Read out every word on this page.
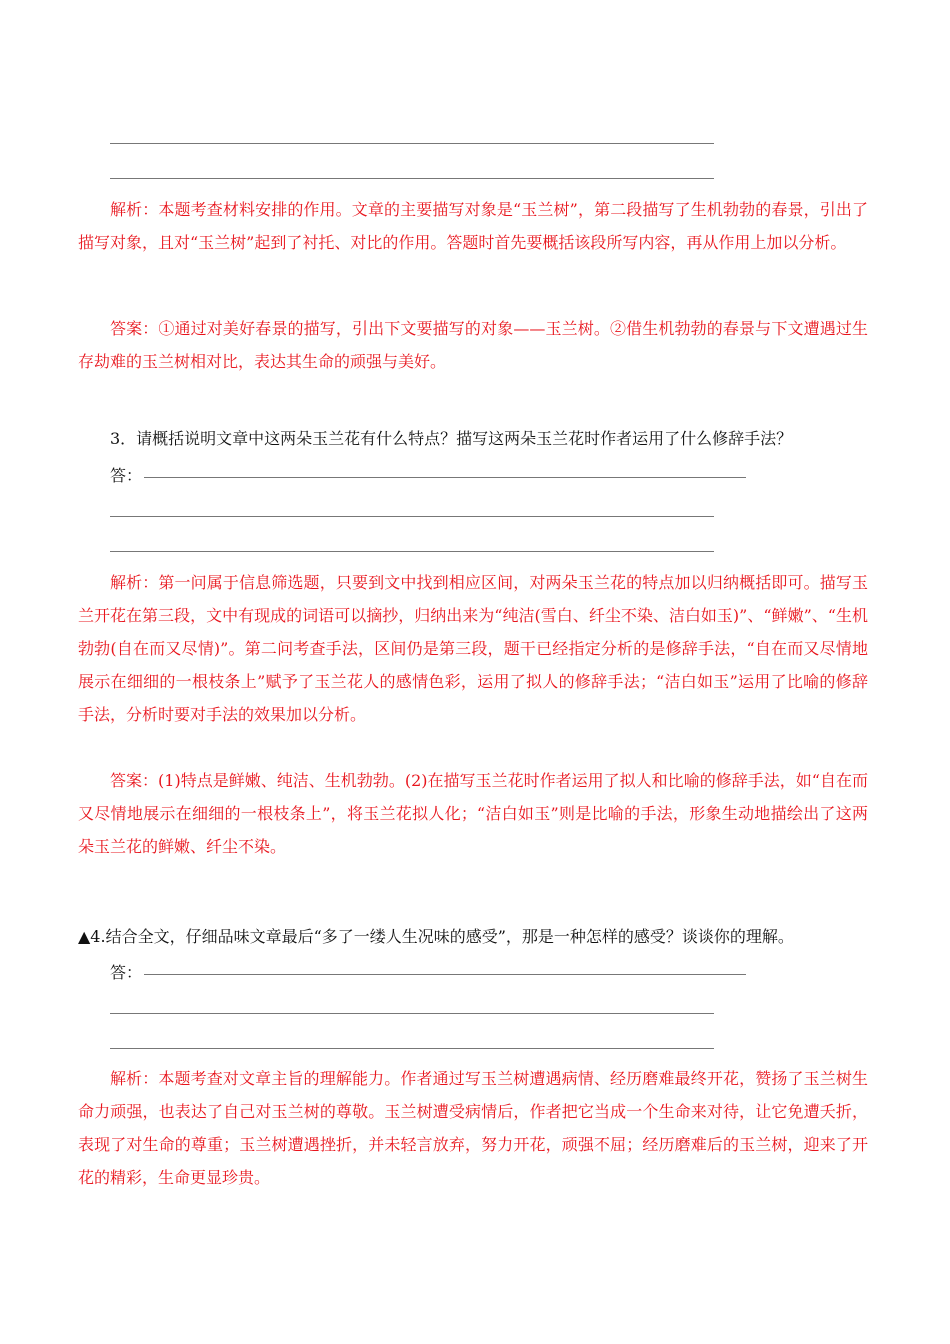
解析：本题考查材料安排的作用。文章的主要描写对象是“玉兰树”，第二段描写了生机勃勃的春景，引出了描写对象，且对“玉兰树”起到了衬托、对比的作用。答题时首先要概括该段所写内容，再从作用上加以分析。

答案：①通过对美好春景的描写，引出下文要描写的对象——玉兰树。②借生机勃勃的春景与下文遭遇过生存劫难的玉兰树相对比，表达其生命的顽强与美好。

3．请概括说明文章中这两朵玉兰花有什么特点？描写这两朵玉兰花时作者运用了什么修辞手法？
答：

解析：第一问属于信息筛选题，只要到文中找到相应区间，对两朵玉兰花的特点加以归纳概括即可。描写玉兰开花在第三段，文中有现成的词语可以摘抄，归纳出来为“纯洁(雪白、纤尘不染、洁白如玉)”、“鲜嫩”、“生机勃勃(自在而又尽情)”。第二问考查手法，区间仍是第三段，题干已经指定分析的是修辞手法，“自在而又尽情地展示在细细的一根枝条上”赋予了玉兰花人的感情色彩，运用了拟人的修辞手法；“洁白如玉”运用了比喻的修辞手法，分析时要对手法的效果加以分析。

答案：(1)特点是鲜嫩、纯洁、生机勃勃。(2)在描写玉兰花时作者运用了拟人和比喻的修辞手法，如“自在而又尽情地展示在细细的一根枝条上”，将玉兰花拟人化；“洁白如玉”则是比喻的手法，形象生动地描绘出了这两朵玉兰花的鲜嫩、纤尘不染。

▲4.结合全文，仔细品味文章最后“多了一缕人生况味的感受”，那是一种怎样的感受？谈谈你的理解。
答：

解析：本题考查对文章主旨的理解能力。作者通过写玉兰树遭遇病情、经历磨难最终开花，赞扬了玉兰树生命力顽强，也表达了自己对玉兰树的尊敬。玉兰树遭受病情后，作者把它当成一个生命来对待，让它免遭夭折，表现了对生命的尊重；玉兰树遭遇挫折，并未轻言放弃，努力开花，顽强不屈；经历磨难后的玉兰树，迎来了开花的精彩，生命更显珍贵。
